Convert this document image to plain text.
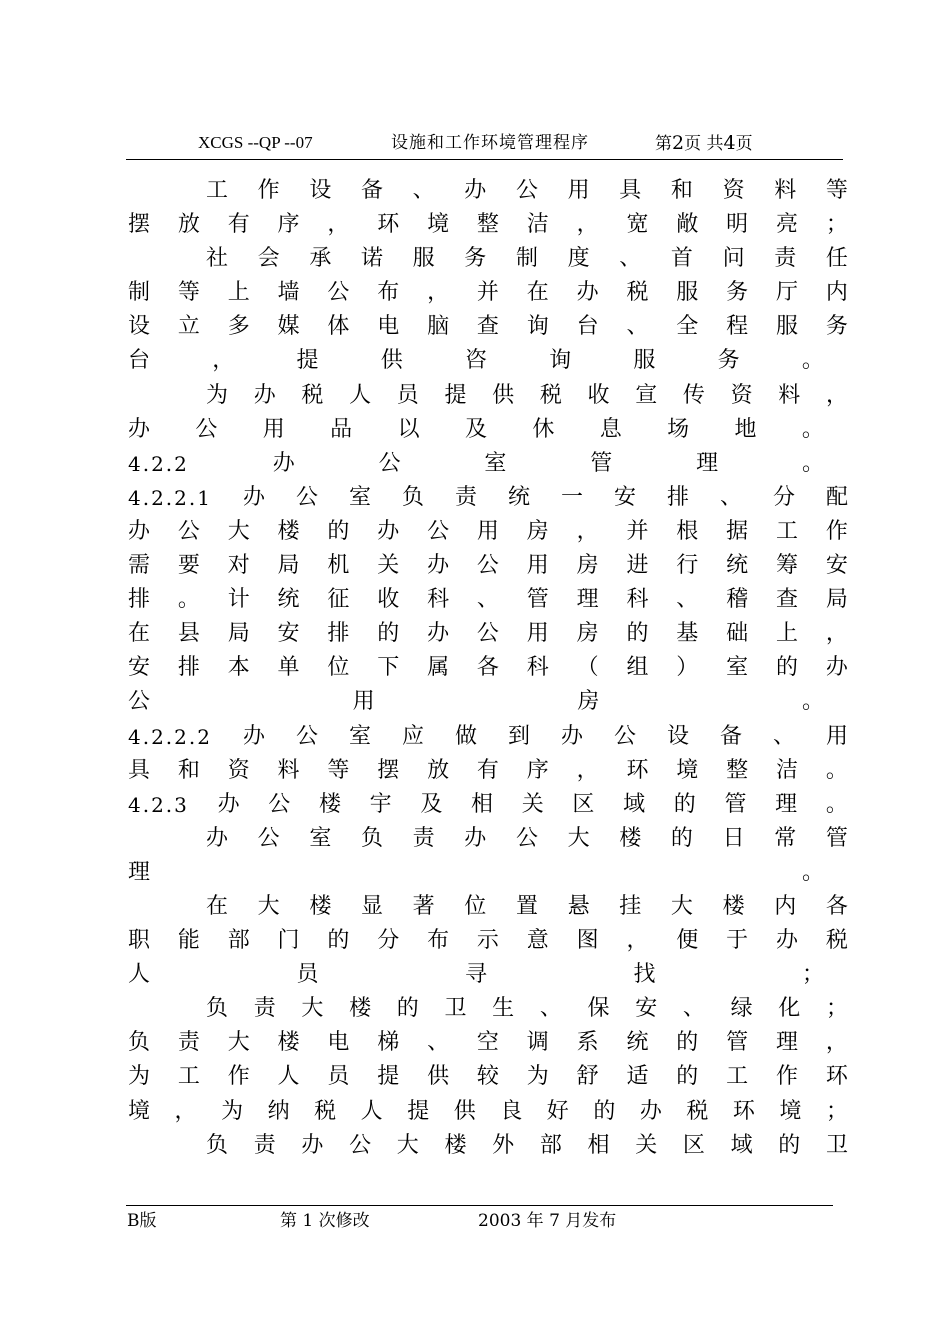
XCGS --QP --07	设施和工作环境管理程序	第2页 共4页
工 作 设 备 、 办 公 用 具 和 资 料 等
摆 放 有 序 ， 环 境 整 洁 ， 宽 敞 明 亮 ；
社 会 承 诺 服 务 制 度 、 首 问 责 任
制 等 上 墙 公 布 ， 并 在 办 税 服 务 厅 内
设 立 多 媒 体 电 脑 查 询 台 、 全 程 服 务
台	，	提	供	咨	询	服	务	。
为 办 税 人 员 提 供 税 收 宣 传 资 料 ，
办 公 用 品 以 及 休 息 场 地 。
4.2.2	办	公	室	管	理	。
4.2.2.1 办 公 室 负 责 统 一 安 排 、 分 配
办 公 大 楼 的 办 公 用 房 ， 并 根 据 工 作
需 要 对 局 机 关 办 公 用 房 进 行 统 筹 安
排 。 计 统 征 收 科 、 管 理 科 、 稽 查 局
在 县 局 安 排 的 办 公 用 房 的 基 础 上 ，
安 排 本 单 位 下 属 各 科 （ 组 ） 室 的 办
公	用	房	。
4.2.2.2 办 公 室 应 做 到 办 公 设 备 、 用
具 和 资 料 等 摆 放 有 序 ， 环 境 整 洁 。
4.2.3 办 公 楼 宇 及 相 关 区 域 的 管 理 。
办 公 室 负 责 办 公 大 楼 的 日 常 管
理	。
在 大 楼 显 著 位 置 悬 挂 大 楼 内 各
职 能 部 门 的 分 布 示 意 图 ， 便 于 办 税
人	员	寻	找	；
负 责 大 楼 的 卫 生 、 保 安 、 绿 化 ；
负 责 大 楼 电 梯 、 空 调 系 统 的 管 理 ，
为 工 作 人 员 提 供 较 为 舒 适 的 工 作 环
境 ， 为 纳 税 人 提 供 良 好 的 办 税 环 境 ；
负 责 办 公 大 楼 外 部 相 关 区 域 的 卫
B版	第 1 次修改	2003 年 7 月发布
